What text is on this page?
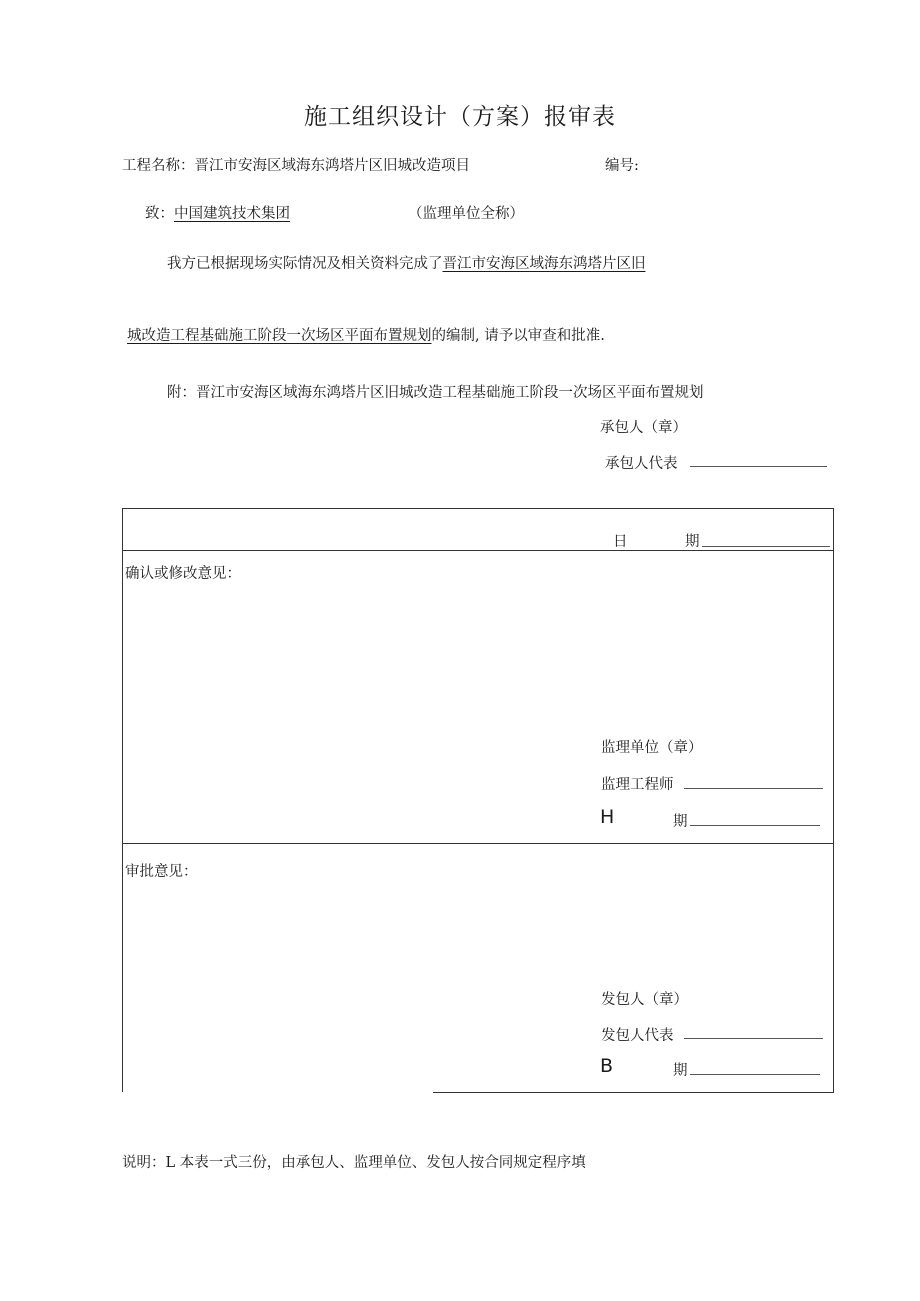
施工组织设计（方案）报审表
工程名称：晋江市安海区域海东鸿塔片区旧城改造项目	编号:
致：中国建筑技术集团	（监理单位全称）
我方已根据现场实际情况及相关资料完成了晋江市安海区域海东鸿塔片区旧
城改造工程基础施工阶段一次场区平面布置规划的编制, 请予以审查和批准.
附：晋江市安海区域海东鸿塔片区旧城改造工程基础施工阶段一次场区平面布置规划
承包人（章）
承包人代表
日	期
确认或修改意见：
监理单位（章）
监理工程师
H	期
审批意见：
发包人（章）
发包人代表
B	期
说明：L 本表一式三份，由承包人、监理单位、发包人按合同规定程序填
